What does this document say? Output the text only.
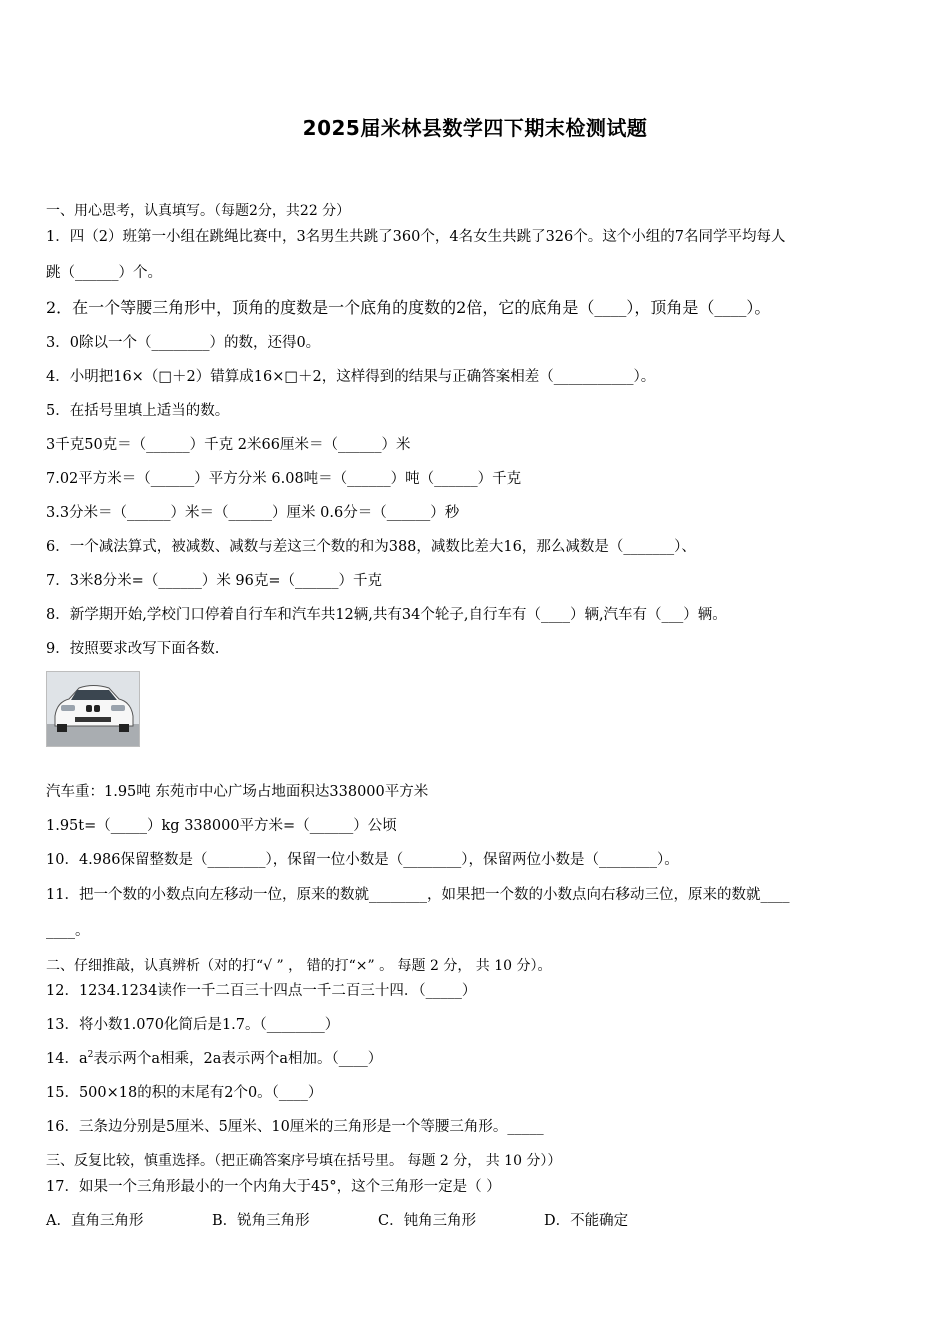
2025届米林县数学四下期末检测试题
一、用心思考，认真填写。（每题2分，共22 分）
1．四（2）班第一小组在跳绳比赛中，3名男生共跳了360个，4名女生共跳了326个。这个小组的7名同学平均每人
跳（______）个。
2．在一个等腰三角形中，顶角的度数是一个底角的度数的2倍，它的底角是（____），顶角是（____）。
3．0除以一个（________）的数，还得0。
4．小明把16×（□＋2）错算成16×□＋2，这样得到的结果与正确答案相差（___________）。
5．在括号里填上适当的数。
3千克50克＝（______）千克 2米66厘米＝（______）米
7.02平方米＝（______）平方分米 6.08吨＝（______）吨（______）千克
3.3分米＝（______）米＝（______）厘米 0.6分＝（______）秒
6．一个减法算式，被减数、减数与差这三个数的和为388，减数比差大16，那么减数是（_______）、
7．3米8分米=（______）米 96克=（______）千克
8．新学期开始,学校门口停着自行车和汽车共12辆,共有34个轮子,自行车有（____）辆,汽车有（___）辆。
9．按照要求改写下面各数.
汽车重：1.95吨 东苑市中心广场占地面积达338000平方米
1.95t=（_____）kg 338000平方米=（______）公顷
10．4.986保留整数是（________），保留一位小数是（________），保留两位小数是（________）。
11．把一个数的小数点向左移动一位，原来的数就________，如果把一个数的小数点向右移动三位，原来的数就____
____。
二、仔细推敲，认真辨析（对的打“√ ” ， 错的打“×” 。 每题 2 分， 共 10 分）。
12．1234.1234读作一千二百三十四点一千二百三十四．（_____）
13．将小数1.070化简后是1.7。（________）
14．$a^2$表示两个a相乘，2a表示两个a相加。（____）
15．500×18的积的末尾有2个0。（____）
16．三条边分别是5厘米、5厘米、10厘米的三角形是一个等腰三角形。_____
三、反复比较，慎重选择。（把正确答案序号填在括号里。 每题 2 分， 共 10 分））
17．如果一个三角形最小的一个内角大于45°，这个三角形一定是（ ）
A．直角三角形	B．锐角三角形	C．钝角三角形	D．不能确定
